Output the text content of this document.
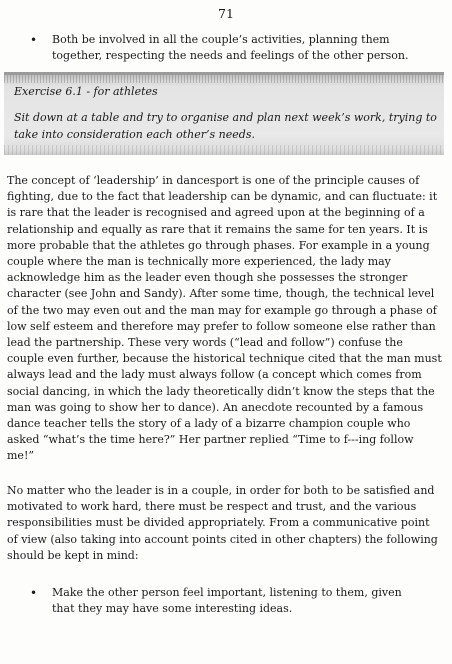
71
•	Both be involved in all the couple’s activities, planning them together, respecting the needs and feelings of the other person.
Exercise 6.1 - for athletes
Sit down at a table and try to organise and plan next week’s work, trying to take into consideration each other’s needs.
The concept of ‘leadership’ in dancesport is one of the principle causes of fighting, due to the fact that leadership can be dynamic, and can fluctuate: it is rare that the leader is recognised and agreed upon at the beginning of a relationship and equally as rare that it remains the same for ten years. It is more probable that the athletes go through phases. For example in a young couple where the man is technically more experienced, the lady may acknowledge him as the leader even though she possesses the stronger character (see John and Sandy). After some time, though, the technical level of the two may even out and the man may for example go through a phase of low self esteem and therefore may prefer to follow someone else rather than lead the partnership. These very words (“lead and follow”) confuse the couple even further, because the historical technique cited that the man must always lead and the lady must always follow (a concept which comes from social dancing, in which the lady theoretically didn’t know the steps that the man was going to show her to dance). An anecdote recounted by a famous dance teacher tells the story of a lady of a bizarre champion couple who asked “what’s the time here?” Her partner replied “Time to f---ing follow me!”
No matter who the leader is in a couple, in order for both to be satisfied and motivated to work hard, there must be respect and trust, and the various responsibilities must be divided appropriately. From a communicative point of view (also taking into account points cited in other chapters) the following should be kept in mind:
•	Make the other person feel important, listening to them, given that they may have some interesting ideas.
